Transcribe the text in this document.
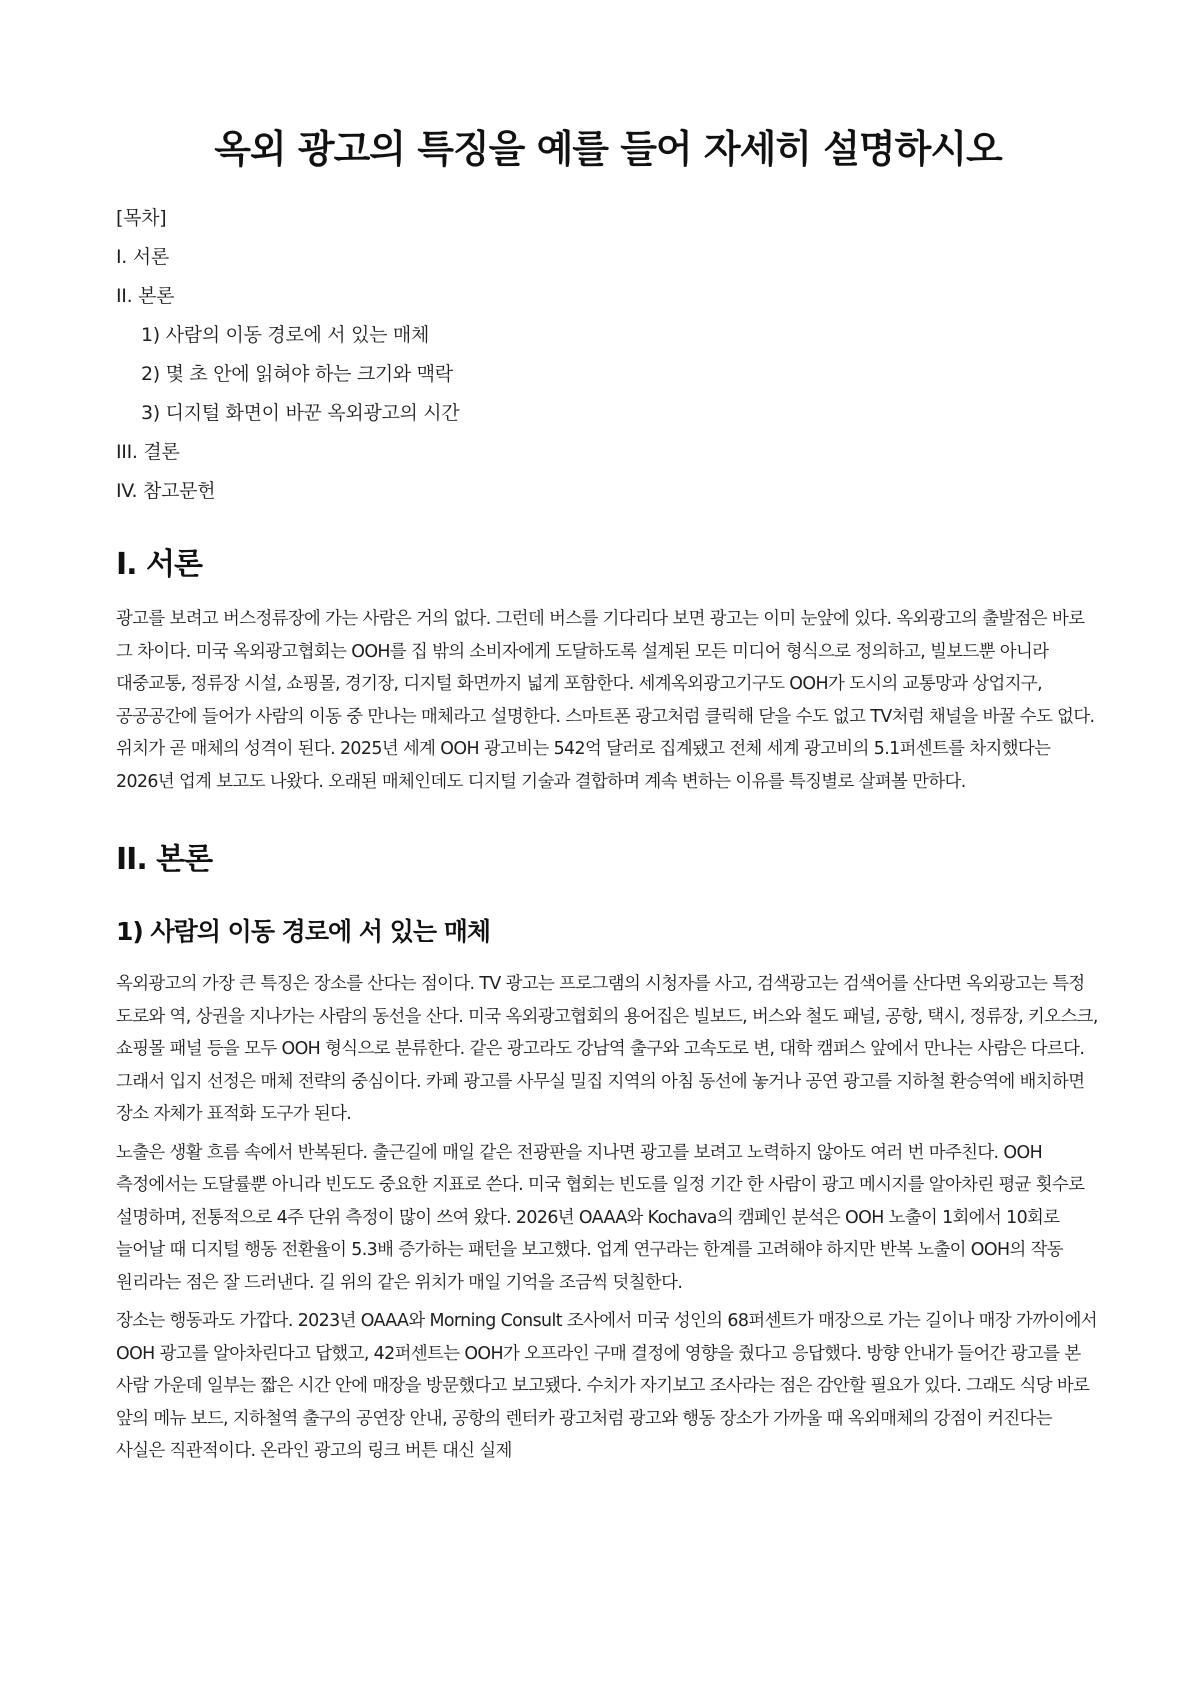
옥외 광고의 특징을 예를 들어 자세히 설명하시오
[목차]
I. 서론
II. 본론
1) 사람의 이동 경로에 서 있는 매체
2) 몇 초 안에 읽혀야 하는 크기와 맥락
3) 디지털 화면이 바꾼 옥외광고의 시간
III. 결론
IV. 참고문헌
I. 서론

광고를 보려고 버스정류장에 가는 사람은 거의 없다. 그런데 버스를 기다리다 보면 광고는 이미 눈앞에 있다. 옥외광고의 출발점은 바로 그 차이다. 미국 옥외광고협회는 OOH를 집 밖의 소비자에게 도달하도록 설계된 모든 미디어 형식으로 정의하고, 빌보드뿐 아니라 대중교통, 정류장 시설, 쇼핑몰, 경기장, 디지털 화면까지 넓게 포함한다. 세계옥외광고기구도 OOH가 도시의 교통망과 상업지구, 공공공간에 들어가 사람의 이동 중 만나는 매체라고 설명한다. 스마트폰 광고처럼 클릭해 닫을 수도 없고 TV처럼 채널을 바꿀 수도 없다. 위치가 곧 매체의 성격이 된다. 2025년 세계 OOH 광고비는 542억 달러로 집계됐고 전체 세계 광고비의 5.1퍼센트를 차지했다는 2026년 업계 보고도 나왔다. 오래된 매체인데도 디지털 기술과 결합하며 계속 변하는 이유를 특징별로 살펴볼 만하다.

II. 본론
1) 사람의 이동 경로에 서 있는 매체

옥외광고의 가장 큰 특징은 장소를 산다는 점이다. TV 광고는 프로그램의 시청자를 사고, 검색광고는 검색어를 산다면 옥외광고는 특정 도로와 역, 상권을 지나가는 사람의 동선을 산다. 미국 옥외광고협회의 용어집은 빌보드, 버스와 철도 패널, 공항, 택시, 정류장, 키오스크, 쇼핑몰 패널 등을 모두 OOH 형식으로 분류한다. 같은 광고라도 강남역 출구와 고속도로 변, 대학 캠퍼스 앞에서 만나는 사람은 다르다. 그래서 입지 선정은 매체 전략의 중심이다. 카페 광고를 사무실 밀집 지역의 아침 동선에 놓거나 공연 광고를 지하철 환승역에 배치하면 장소 자체가 표적화 도구가 된다.

노출은 생활 흐름 속에서 반복된다. 출근길에 매일 같은 전광판을 지나면 광고를 보려고 노력하지 않아도 여러 번 마주친다. OOH 측정에서는 도달률뿐 아니라 빈도도 중요한 지표로 쓴다. 미국 협회는 빈도를 일정 기간 한 사람이 광고 메시지를 알아차린 평균 횟수로 설명하며, 전통적으로 4주 단위 측정이 많이 쓰여 왔다. 2026년 OAAA와 Kochava의 캠페인 분석은 OOH 노출이 1회에서 10회로 늘어날 때 디지털 행동 전환율이 5.3배 증가하는 패턴을 보고했다. 업계 연구라는 한계를 고려해야 하지만 반복 노출이 OOH의 작동 원리라는 점은 잘 드러낸다. 길 위의 같은 위치가 매일 기억을 조금씩 덧칠한다.

장소는 행동과도 가깝다. 2023년 OAAA와 Morning Consult 조사에서 미국 성인의 68퍼센트가 매장으로 가는 길이나 매장 가까이에서 OOH 광고를 알아차린다고 답했고, 42퍼센트는 OOH가 오프라인 구매 결정에 영향을 줬다고 응답했다. 방향 안내가 들어간 광고를 본 사람 가운데 일부는 짧은 시간 안에 매장을 방문했다고 보고됐다. 수치가 자기보고 조사라는 점은 감안할 필요가 있다. 그래도 식당 바로 앞의 메뉴 보드, 지하철역 출구의 공연장 안내, 공항의 렌터카 광고처럼 광고와 행동 장소가 가까울 때 옥외매체의 강점이 커진다는 사실은 직관적이다. 온라인 광고의 링크 버튼 대신 실제
